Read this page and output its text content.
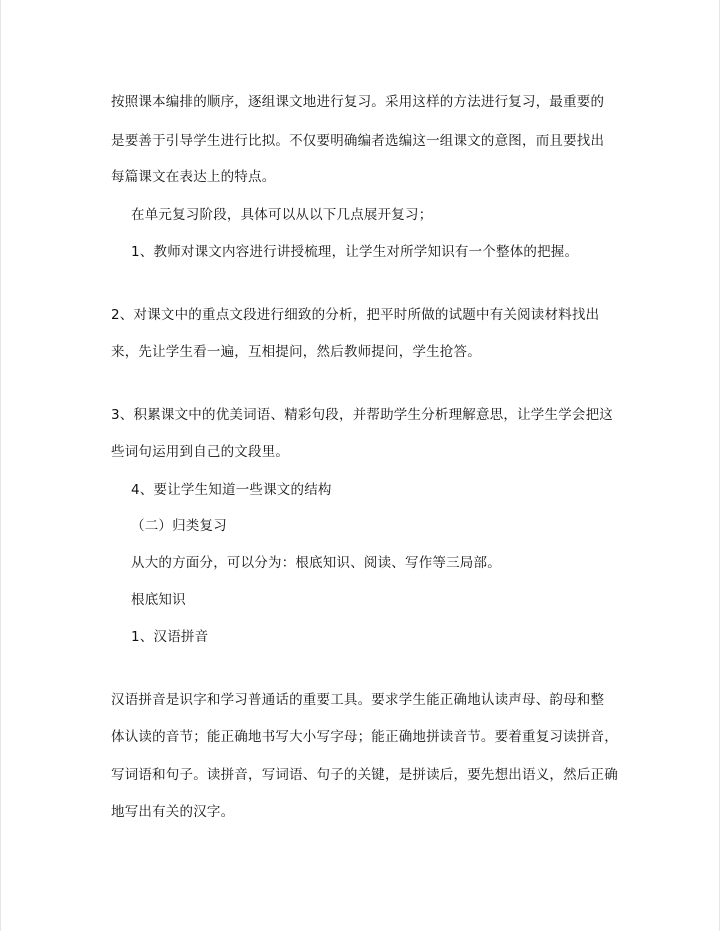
按照课本编排的顺序，逐组课文地进行复习。采用这样的方法进行复习，最重要的
是要善于引导学生进行比拟。不仅要明确编者选编这一组课文的意图，而且要找出
每篇课文在表达上的特点。
在单元复习阶段，具体可以从以下几点展开复习；
1、教师对课文内容进行讲授梳理，让学生对所学知识有一个整体的把握。
2、对课文中的重点文段进行细致的分析，把平时所做的试题中有关阅读材料找出
来，先让学生看一遍，互相提问，然后教师提问，学生抢答。
3、积累课文中的优美词语、精彩句段，并帮助学生分析理解意思，让学生学会把这
些词句运用到自己的文段里。
4、要让学生知道一些课文的结构
（二）归类复习
从大的方面分，可以分为：根底知识、阅读、写作等三局部。
根底知识
1、汉语拼音
汉语拼音是识字和学习普通话的重要工具。要求学生能正确地认读声母、韵母和整
体认读的音节；能正确地书写大小写字母；能正确地拼读音节。要着重复习读拼音，
写词语和句子。读拼音，写词语、句子的关键，是拼读后，要先想出语义，然后正确
地写出有关的汉字。
